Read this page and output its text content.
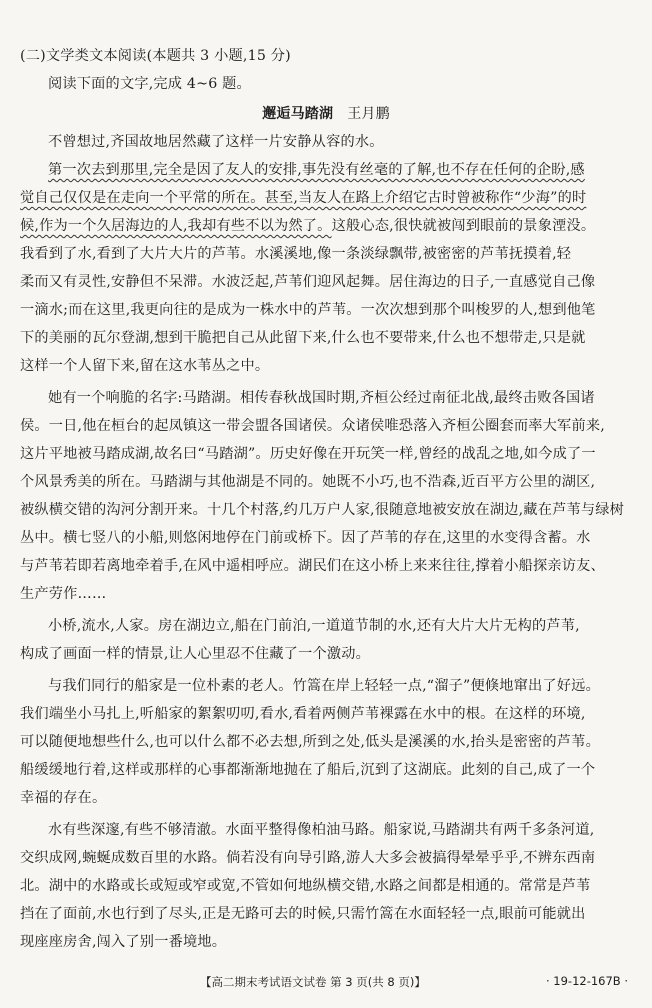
(二)文学类文本阅读(本题共 3 小题,15 分)
阅读下面的文字,完成 4~6 题。
邂逅马踏湖 王月鹏
不曾想过,齐国故地居然藏了这样一片安静从容的水。
第一次去到那里,完全是因了友人的安排,事先没有丝毫的了解,也不存在任何的企盼,感
觉自己仅仅是在走向一个平常的所在。甚至,当友人在路上介绍它古时曾被称作“少海”的时
候,作为一个久居海边的人,我却有些不以为然了。这般心态,很快就被闯到眼前的景象湮没。
我看到了水,看到了大片大片的芦苇。水溪溪地,像一条淡绿飘带,被密密的芦苇抚摸着,轻
柔而又有灵性,安静但不呆滞。水波泛起,芦苇们迎风起舞。居住海边的日子,一直感觉自己像
一滴水;而在这里,我更向往的是成为一株水中的芦苇。一次次想到那个叫梭罗的人,想到他笔
下的美丽的瓦尔登湖,想到干脆把自己从此留下来,什么也不要带来,什么也不想带走,只是就
这样一个人留下来,留在这水苇丛之中。
她有一个响脆的名字:马踏湖。相传春秋战国时期,齐桓公经过南征北战,最终击败各国诸
侯。一日,他在桓台的起凤镇这一带会盟各国诸侯。众诸侯唯恐落入齐桓公圈套而率大军前来,
这片平地被马踏成湖,故名曰“马踏湖”。历史好像在开玩笑一样,曾经的战乱之地,如今成了一
个风景秀美的所在。马踏湖与其他湖是不同的。她既不小巧,也不浩森,近百平方公里的湖区,
被纵横交错的沟河分割开来。十几个村落,约几万户人家,很随意地被安放在湖边,藏在芦苇与绿树
丛中。横七竖八的小船,则悠闲地停在门前或桥下。因了芦苇的存在,这里的水变得含蓄。水
与芦苇若即若离地牵着手,在风中遥相呼应。湖民们在这小桥上来来往往,撑着小船探亲访友、
生产劳作……
小桥,流水,人家。房在湖边立,船在门前泊,一道道节制的水,还有大片大片无构的芦苇,
构成了画面一样的情景,让人心里忍不住藏了一个激动。
与我们同行的船家是一位朴素的老人。竹篙在岸上轻轻一点,“溜子”便倏地窜出了好远。
我们端坐小马扎上,听船家的絮絮叨叨,看水,看着两侧芦苇裸露在水中的根。在这样的环境,
可以随便地想些什么,也可以什么都不必去想,所到之处,低头是溪溪的水,抬头是密密的芦苇。
船缓缓地行着,这样或那样的心事都渐渐地抛在了船后,沉到了这湖底。此刻的自己,成了一个
幸福的存在。
水有些深邃,有些不够清澈。水面平整得像柏油马路。船家说,马踏湖共有两千多条河道,
交织成网,蜿蜒成数百里的水路。倘若没有向导引路,游人大多会被搞得晕晕乎乎,不辨东西南
北。湖中的水路或长或短或窄或宽,不管如何地纵横交错,水路之间都是相通的。常常是芦苇
挡在了面前,水也行到了尽头,正是无路可去的时候,只需竹篙在水面轻轻一点,眼前可能就出
现座座房舍,闯入了别一番境地。
【高二期末考试语文试卷 第 3 页(共 8 页)】	· 19-12-167B ·
